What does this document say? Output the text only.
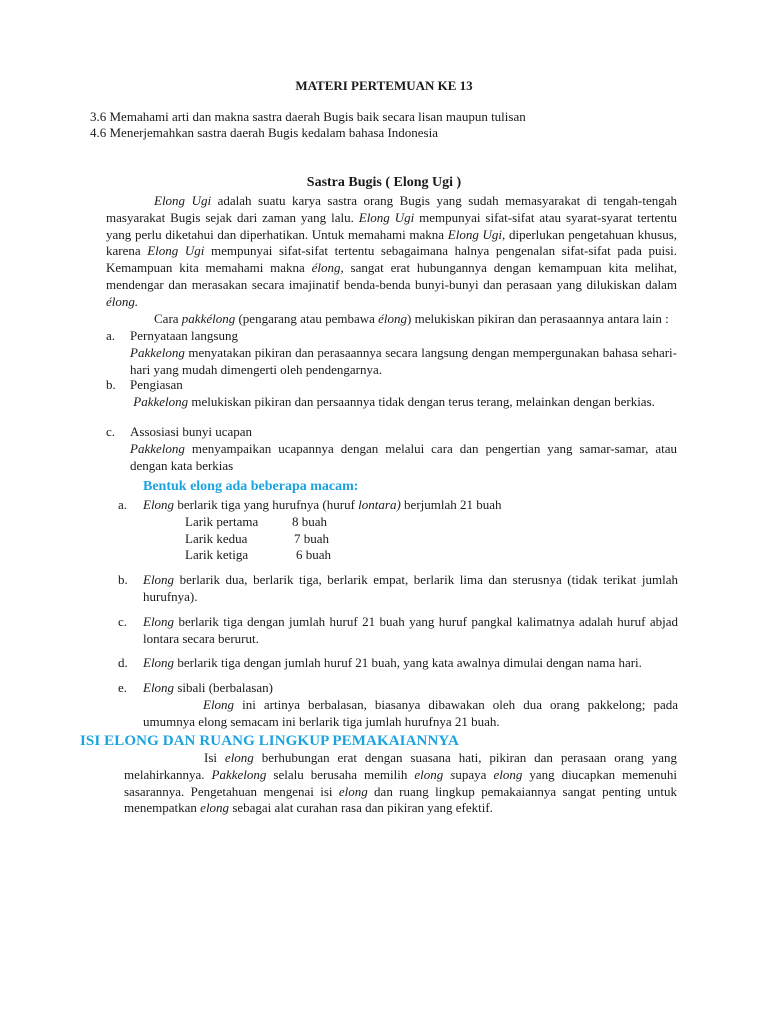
MATERI PERTEMUAN KE 13
3.6 Memahami arti dan makna sastra daerah Bugis baik secara lisan maupun tulisan
4.6 Menerjemahkan sastra daerah Bugis kedalam bahasa Indonesia
Sastra Bugis ( Elong Ugi )

Elong Ugi adalah suatu karya sastra orang Bugis yang sudah memasyarakat di tengah-tengah masyarakat Bugis sejak dari zaman yang lalu. Elong Ugi mempunyai sifat-sifat atau syarat-syarat tertentu yang perlu diketahui dan diperhatikan. Untuk memahami makna Elong Ugi, diperlukan pengetahuan khusus, karena Elong Ugi mempunyai sifat-sifat tertentu sebagaimana halnya pengenalan sifat-sifat pada puisi. Kemampuan kita memahami makna élong, sangat erat hubungannya dengan kemampuan kita melihat, mendengar dan merasakan secara imajinatif benda-benda bunyi-bunyi dan perasaan yang dilukiskan dalam élong.

Cara pakkélong (pengarang atau pembawa élong) melukiskan pikiran dan perasaannya antara lain :

a. Pernyataan langsung
Pakkelong menyatakan pikiran dan perasaannya secara langsung dengan mempergunakan bahasa sehari-hari yang mudah dimengerti oleh pendengarnya.
b. Pengiasan
Pakkelong melukiskan pikiran dan persaannya tidak dengan terus terang, melainkan dengan berkias.
c. Assosiasi bunyi ucapan
Pakkelong menyampaikan ucapannya dengan melalui cara dan pengertian yang samar-samar, atau dengan kata berkias
Bentuk elong ada beberapa macam:
a. Elong berlarik tiga yang hurufnya (huruf lontara) berjumlah 21 buah
Larik pertama	8 buah
Larik kedua	7 buah
Larik ketiga	6 buah
b. Elong berlarik dua, berlarik tiga, berlarik empat, berlarik lima dan sterusnya (tidak terikat jumlah hurufnya).
c. Elong berlarik tiga dengan jumlah huruf 21 buah yang huruf pangkal kalimatnya adalah huruf abjad lontara secara berurut.
d. Elong berlarik tiga dengan jumlah huruf 21 buah, yang kata awalnya dimulai dengan nama hari.
e. Elong sibali (berbalasan)
Elong ini artinya berbalasan, biasanya dibawakan oleh dua orang pakkelong; pada umumnya elong semacam ini berlarik tiga jumlah hurufnya 21 buah.
ISI ELONG DAN RUANG LINGKUP PEMAKAIANNYA

Isi elong berhubungan erat dengan suasana hati, pikiran dan perasaan orang yang melahirkannya. Pakkelong selalu berusaha memilih elong supaya elong yang diucapkan memenuhi sasarannya. Pengetahuan mengenai isi elong dan ruang lingkup pemakaiannya sangat penting untuk menempatkan elong sebagai alat curahan rasa dan pikiran yang efektif.
